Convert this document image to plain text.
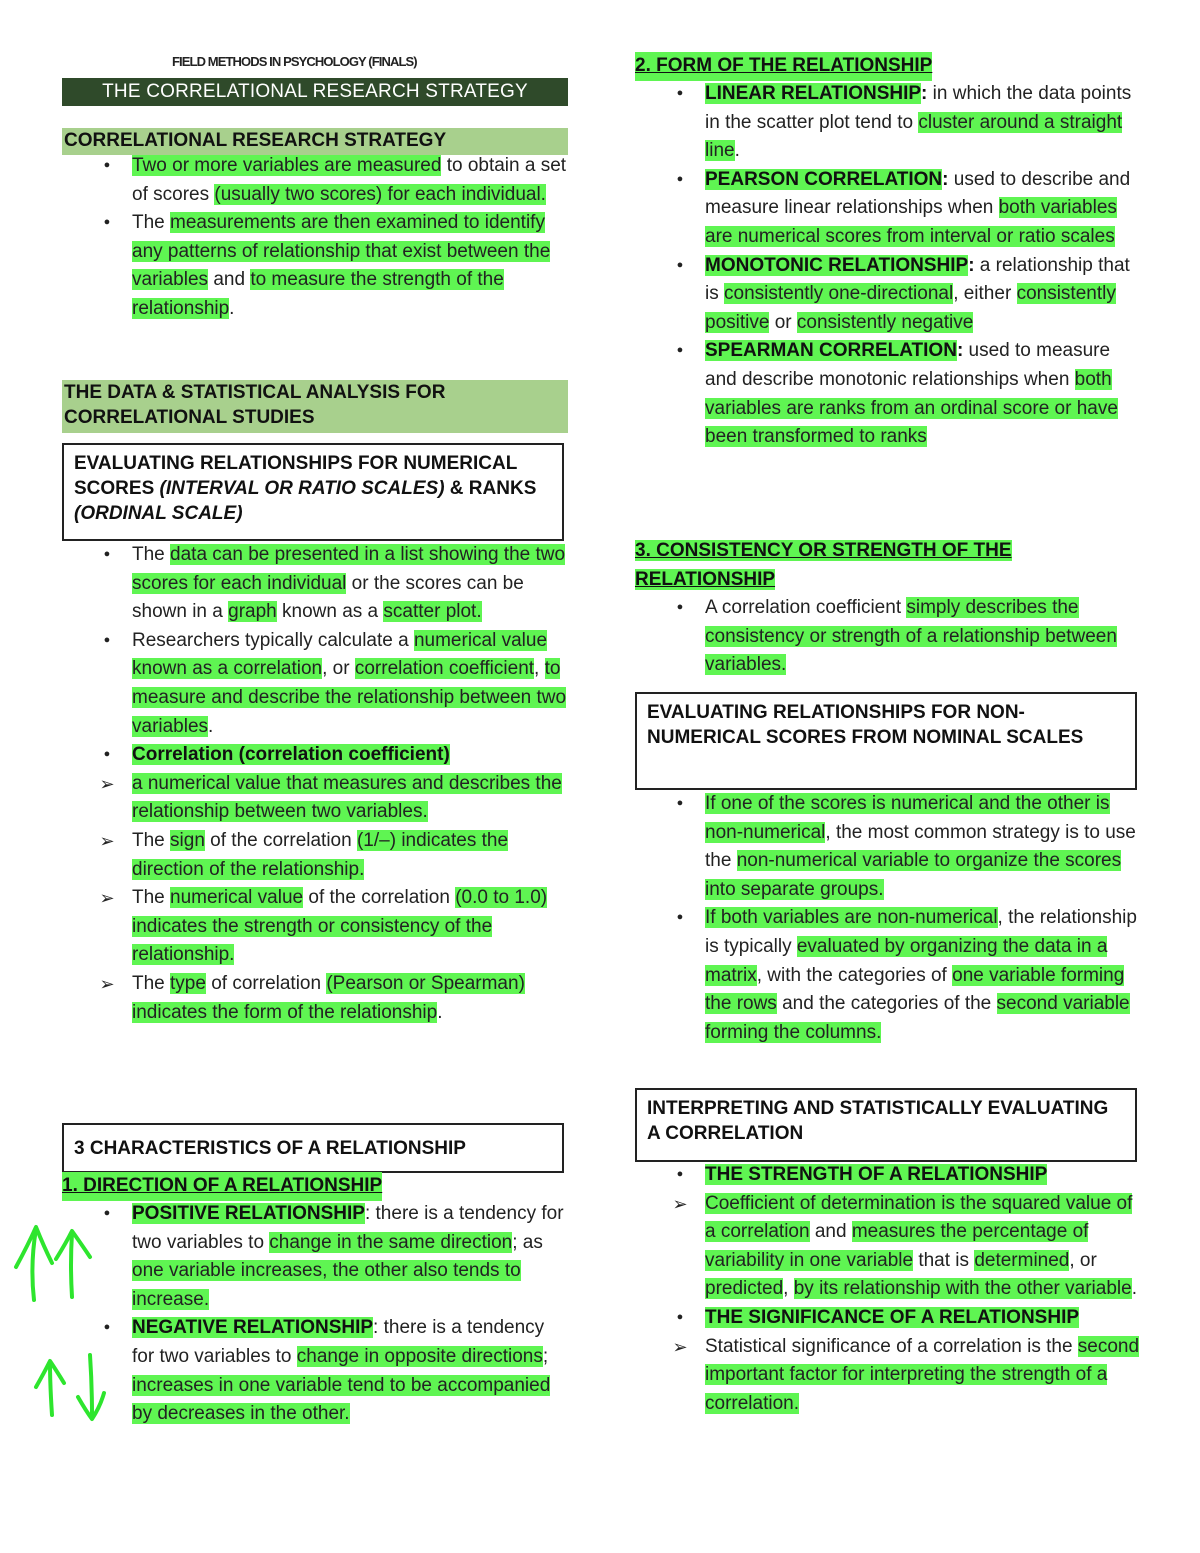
FIELD METHODS IN PSYCHOLOGY (FINALS)
THE CORRELATIONAL RESEARCH STRATEGY
CORRELATIONAL RESEARCH STRATEGY
●
Two or more variables are measured to obtain a set of scores (usually two scores) for each individual.
●
The measurements are then examined to identify any patterns of relationship that exist between the variables and to measure the strength of the relationship.
THE DATA & STATISTICAL ANALYSIS FOR CORRELATIONAL STUDIES
EVALUATING RELATIONSHIPS FOR NUMERICAL SCORES (INTERVAL OR RATIO SCALES) & RANKS (ORDINAL SCALE)
●
The data can be presented in a list showing the two scores for each individual or the scores can be shown in a graph known as a scatter plot.
●
Researchers typically calculate a numerical value known as a correlation, or correlation coefficient, to measure and describe the relationship between two variables.
●
Correlation (correlation coefficient)
➢
a numerical value that measures and describes the relationship between two variables.
➢
The sign of the correlation (1/–) indicates the direction of the relationship.
➢
The numerical value of the correlation (0.0 to 1.0) indicates the strength or consistency of the relationship.
➢
The type of correlation (Pearson or Spearman) indicates the form of the relationship.
3 CHARACTERISTICS OF A RELATIONSHIP
1. DIRECTION OF A RELATIONSHIP
●
POSITIVE RELATIONSHIP: there is a tendency for two variables to change in the same direction; as one variable increases, the other also tends to increase.
●
NEGATIVE RELATIONSHIP: there is a tendency for two variables to change in opposite directions; increases in one variable tend to be accompanied by decreases in the other.
2. FORM OF THE RELATIONSHIP
●
LINEAR RELATIONSHIP: in which the data points in the scatter plot tend to cluster around a straight line.
●
PEARSON CORRELATION: used to describe and measure linear relationships when both variables are numerical scores from interval or ratio scales
●
MONOTONIC RELATIONSHIP: a relationship that is consistently one-directional, either consistently positive or consistently negative
●
SPEARMAN CORRELATION: used to measure and describe monotonic relationships when both variables are ranks from an ordinal score or have been transformed to ranks
3. CONSISTENCY OR STRENGTH OF THE RELATIONSHIP
●
A correlation coefficient simply describes the consistency or strength of a relationship between variables.
EVALUATING RELATIONSHIPS FOR NON-NUMERICAL SCORES FROM NOMINAL SCALES
●
If one of the scores is numerical and the other is non-numerical, the most common strategy is to use the non-numerical variable to organize the scores into separate groups.
●
If both variables are non-numerical, the relationship is typically evaluated by organizing the data in a matrix, with the categories of one variable forming the rows and the categories of the second variable forming the columns.
INTERPRETING AND STATISTICALLY EVALUATING A CORRELATION
●
THE STRENGTH OF A RELATIONSHIP
➢
Coefficient of determination is the squared value of a correlation and measures the percentage of variability in one variable that is determined, or predicted, by its relationship with the other variable.
●
THE SIGNIFICANCE OF A RELATIONSHIP
➢
Statistical significance of a correlation is the second important factor for interpreting the strength of a correlation.
